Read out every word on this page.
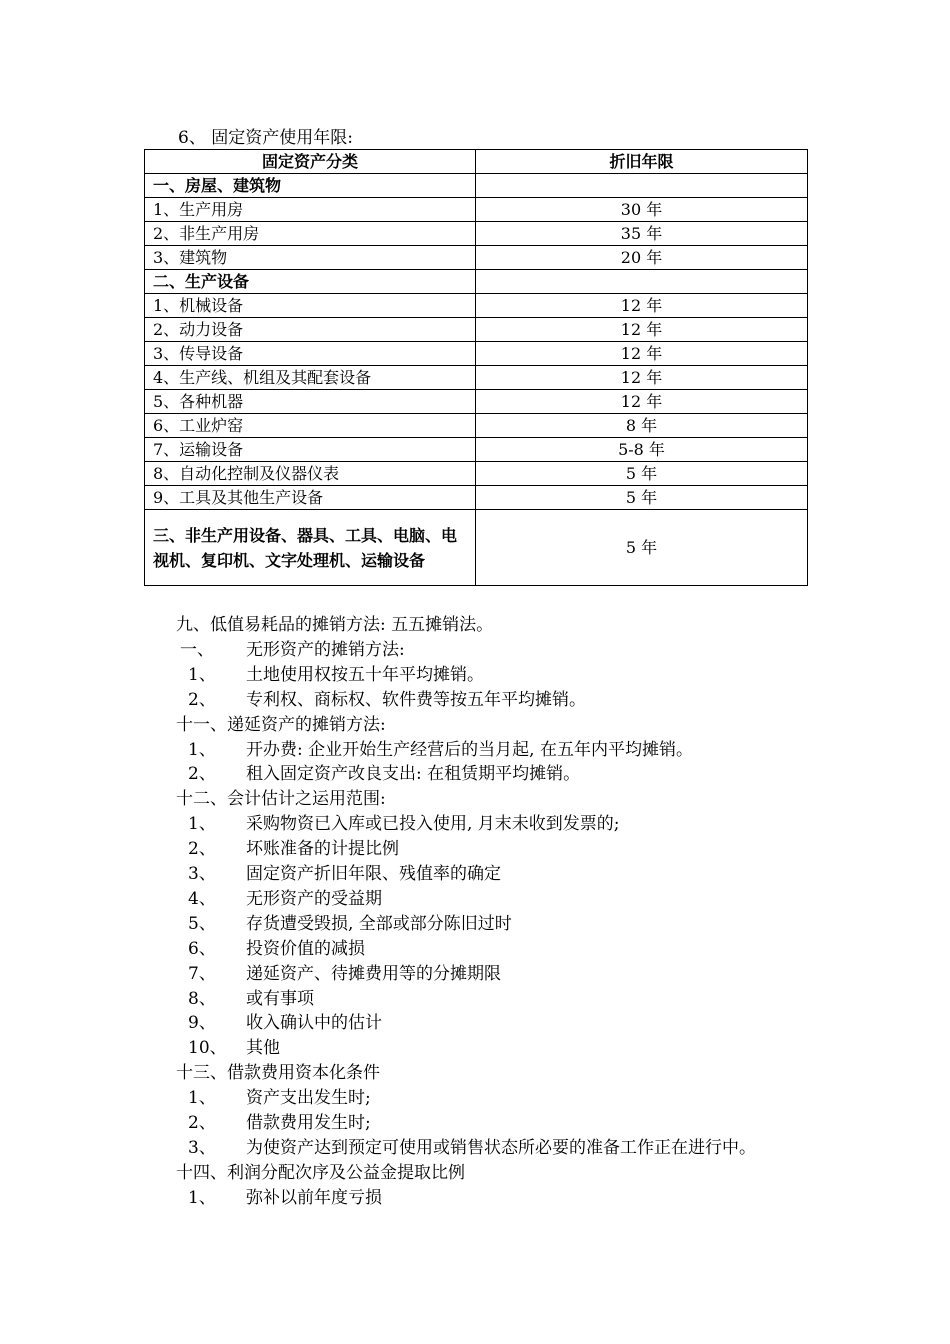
6、 固定资产使用年限:
固定资产分类	折旧年限
一、房屋、建筑物	
1、生产用房	30 年
2、非生产用房	35 年
3、建筑物	20 年
二、生产设备	
1、机械设备	12 年
2、动力设备	12 年
3、传导设备	12 年
4、生产线、机组及其配套设备	12 年
5、各种机器	12 年
6、工业炉窑	8 年
7、运输设备	5-8 年
8、自动化控制及仪器仪表	5 年
9、工具及其他生产设备	5 年
三、非生产用设备、器具、工具、电脑、电视机、复印机、文字处理机、运输设备	5 年
九、低值易耗品的摊销方法: 五五摊销法。
一、 无形资产的摊销方法:
1、 土地使用权按五十年平均摊销。
2、 专利权、商标权、软件费等按五年平均摊销。
十一、递延资产的摊销方法:
1、 开办费: 企业开始生产经营后的当月起, 在五年内平均摊销。
2、 租入固定资产改良支出: 在租赁期平均摊销。
十二、会计估计之运用范围:
1、 采购物资已入库或已投入使用, 月末未收到发票的;
2、 坏账准备的计提比例
3、 固定资产折旧年限、残值率的确定
4、 无形资产的受益期
5、 存货遭受毁损, 全部或部分陈旧过时
6、 投资价值的减损
7、 递延资产、待摊费用等的分摊期限
8、 或有事项
9、 收入确认中的估计
10、 其他
十三、借款费用资本化条件
1、 资产支出发生时;
2、 借款费用发生时;
3、 为使资产达到预定可使用或销售状态所必要的准备工作正在进行中。
十四、利润分配次序及公益金提取比例
1、 弥补以前年度亏损
